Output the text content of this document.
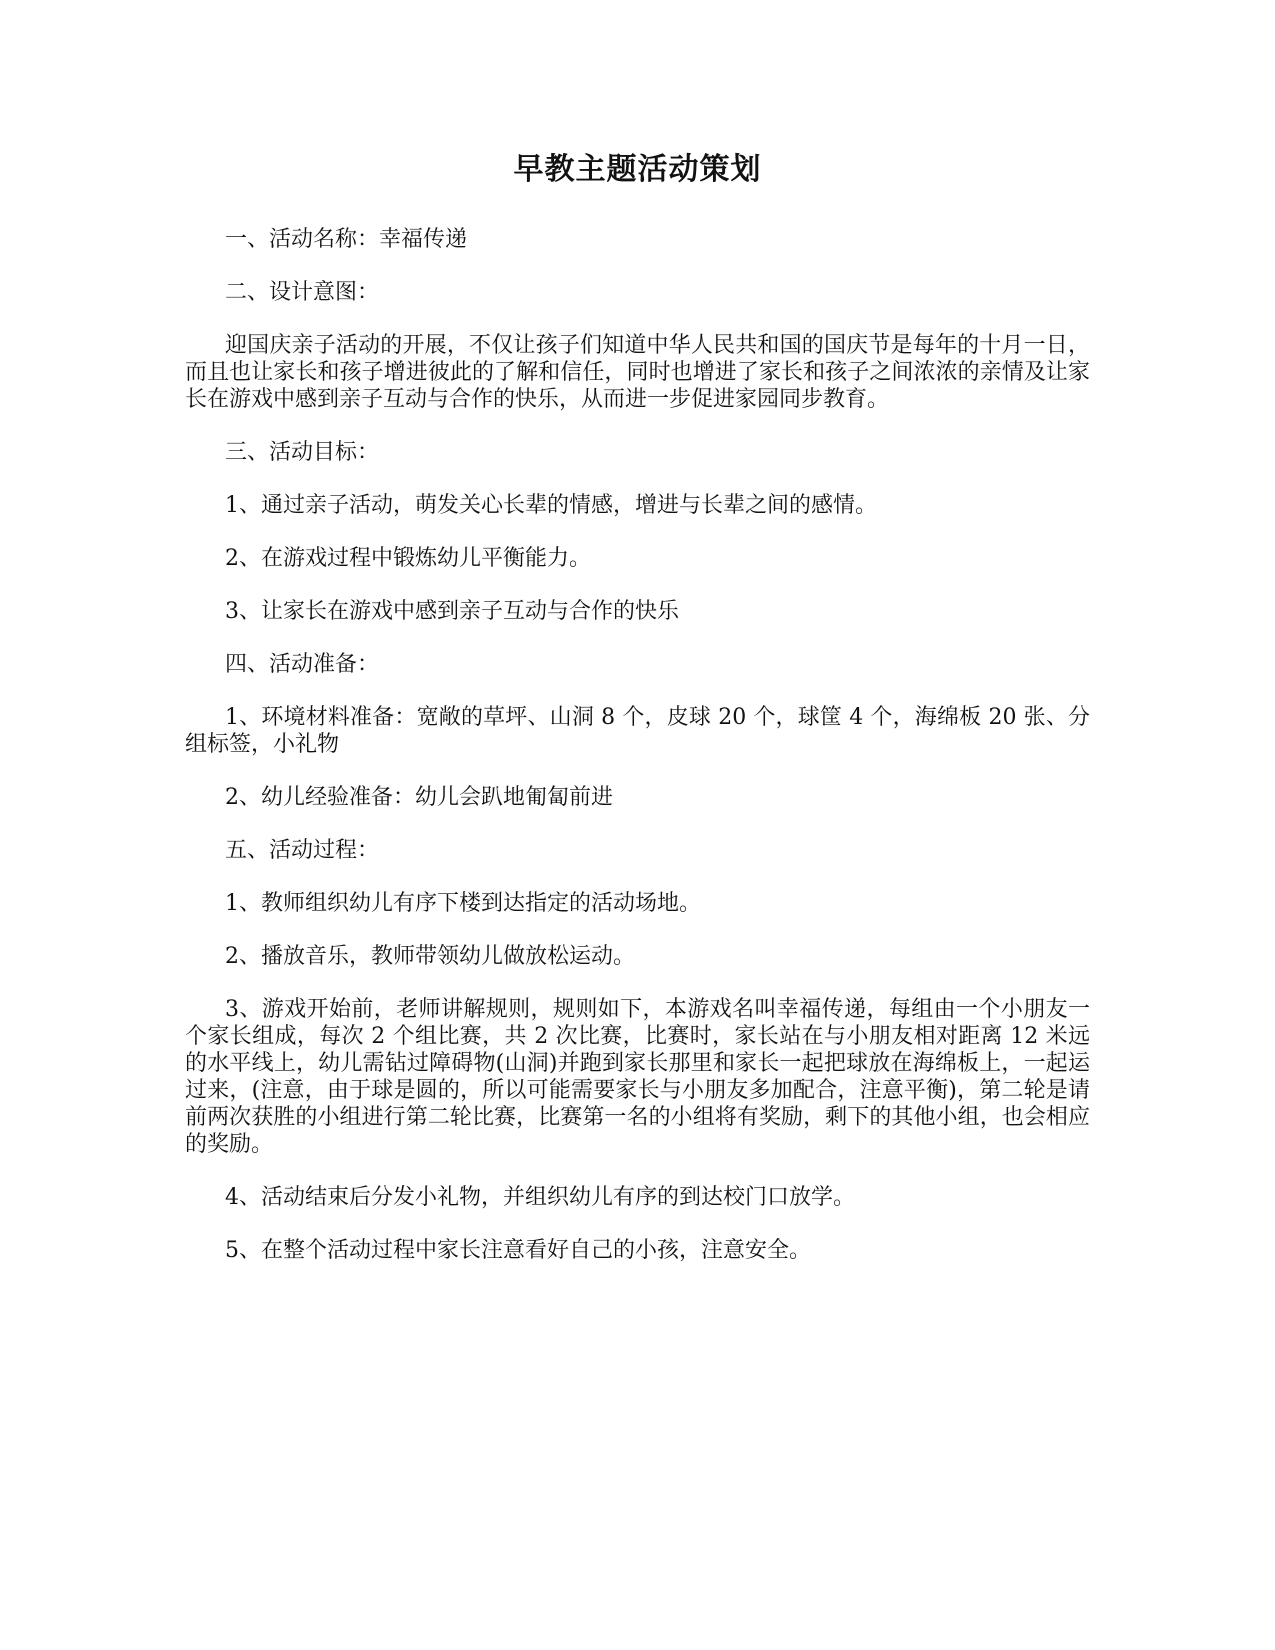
早教主题活动策划

一、活动名称：幸福传递

二、设计意图：

迎国庆亲子活动的开展，不仅让孩子们知道中华人民共和国的国庆节是每年的十月一日，而且也让家长和孩子增进彼此的了解和信任，同时也增进了家长和孩子之间浓浓的亲情及让家长在游戏中感到亲子互动与合作的快乐，从而进一步促进家园同步教育。

三、活动目标：

1、通过亲子活动，萌发关心长辈的情感，增进与长辈之间的感情。

2、在游戏过程中锻炼幼儿平衡能力。

3、让家长在游戏中感到亲子互动与合作的快乐

四、活动准备：

1、环境材料准备：宽敞的草坪、山洞 8 个，皮球 20 个，球筐 4 个，海绵板 20 张、分组标签，小礼物

2、幼儿经验准备：幼儿会趴地匍匐前进

五、活动过程：

1、教师组织幼儿有序下楼到达指定的活动场地。

2、播放音乐，教师带领幼儿做放松运动。

3、游戏开始前，老师讲解规则，规则如下，本游戏名叫幸福传递，每组由一个小朋友一个家长组成，每次 2 个组比赛，共 2 次比赛，比赛时，家长站在与小朋友相对距离 12 米远的水平线上，幼儿需钻过障碍物(山洞)并跑到家长那里和家长一起把球放在海绵板上，一起运过来，(注意，由于球是圆的，所以可能需要家长与小朋友多加配合，注意平衡)，第二轮是请前两次获胜的小组进行第二轮比赛，比赛第一名的小组将有奖励，剩下的其他小组，也会相应的奖励。

4、活动结束后分发小礼物，并组织幼儿有序的到达校门口放学。

5、在整个活动过程中家长注意看好自己的小孩，注意安全。
